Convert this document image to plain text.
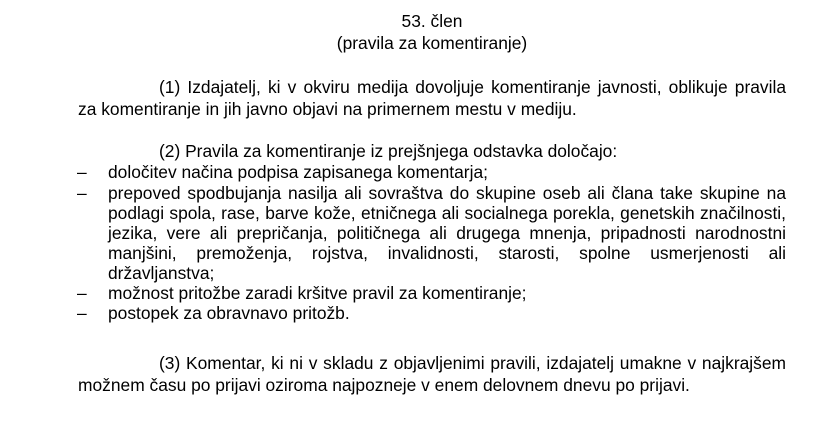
53. člen
(pravila za komentiranje)

(1) Izdajatelj, ki v okviru medija dovoljuje komentiranje javnosti, oblikuje pravila za komentiranje in jih javno objavi na primernem mestu v mediju.

(2) Pravila za komentiranje iz prejšnjega odstavka določajo:

– določitev načina podpisa zapisanega komentarja;
– prepoved spodbujanja nasilja ali sovraštva do skupine oseb ali člana take skupine na podlagi spola, rase, barve kože, etničnega ali socialnega porekla, genetskih značilnosti, jezika, vere ali prepričanja, političnega ali drugega mnenja, pripadnosti narodnostni manjšini, premoženja, rojstva, invalidnosti, starosti, spolne usmerjenosti ali državljanstva;
– možnost pritožbe zaradi kršitve pravil za komentiranje;
– postopek za obravnavo pritožb.

(3) Komentar, ki ni v skladu z objavljenimi pravili, izdajatelj umakne v najkrajšem možnem času po prijavi oziroma najpozneje v enem delovnem dnevu po prijavi.
